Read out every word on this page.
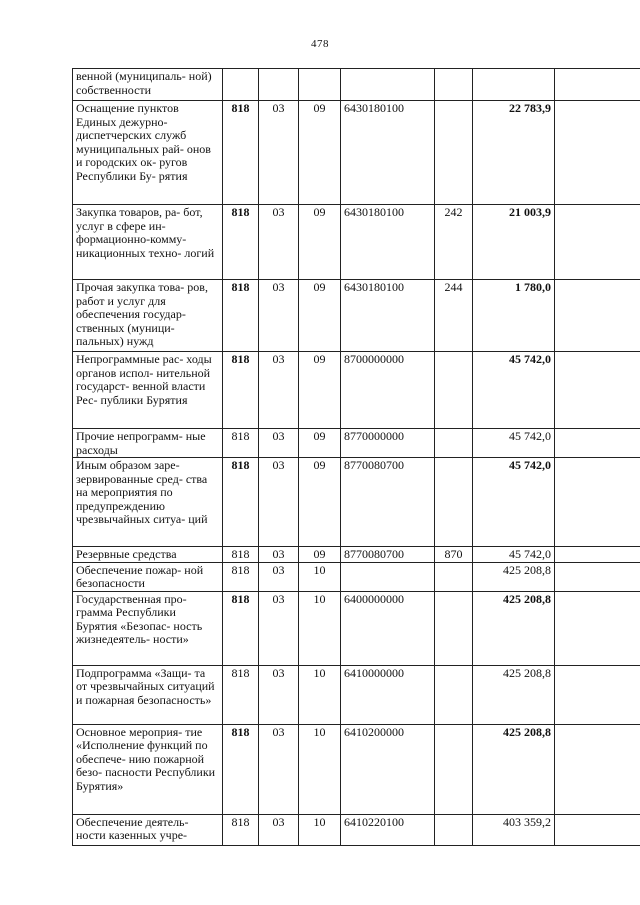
478
венной (муниципаль- ной) собственности							
Оснащение пунктов Единых дежурно- диспетчерских служб муниципальных рай- онов и городских ок- ругов Республики Бу- рятия	818	03	09	6430180100		22 783,9	
Закупка товаров, ра- бот, услуг в сфере ин- формационно-комму- никационных техно- логий	818	03	09	6430180100	242	21 003,9	
Прочая закупка това- ров, работ и услуг для обеспечения государ- ственных (муници- пальных) нужд	818	03	09	6430180100	244	1 780,0	
Непрограммные рас- ходы органов испол- нительной государст- венной власти Рес- публики Бурятия	818	03	09	8700000000		45 742,0	
Прочие непрограмм- ные расходы	818	03	09	8770000000		45 742,0	
Иным образом заре- зервированные сред- ства на мероприятия по предупреждению чрезвычайных ситуа- ций	818	03	09	8770080700		45 742,0	
Резервные средства	818	03	09	8770080700	870	45 742,0	
Обеспечение пожар- ной безопасности	818	03	10			425 208,8	
Государственная про- грамма Республики Бурятия «Безопас- ность жизнедеятель- ности»	818	03	10	6400000000		425 208,8	
Подпрограмма «Защи- та от чрезвычайных ситуаций и пожарная безопасность»	818	03	10	6410000000		425 208,8	
Основное мероприя- тие «Исполнение функций по обеспечe- нию пожарной безо- пасности Республики Бурятия»	818	03	10	6410200000		425 208,8	
Обеспечение деятель- ности казенных учре-	818	03	10	6410220100		403 359,2	
